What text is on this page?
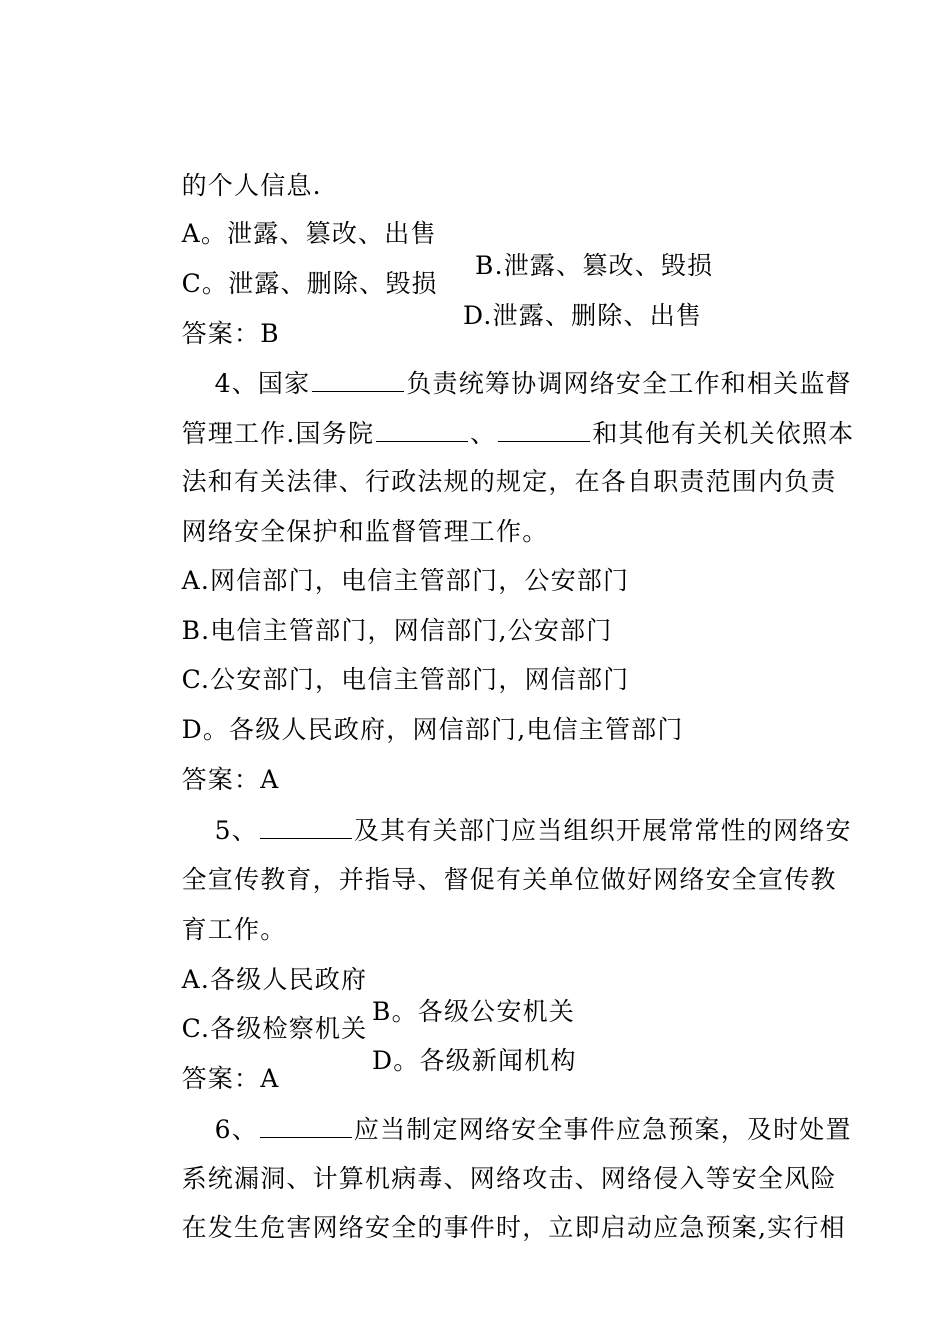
的个人信息.

A。泄露、篡改、出售

B.泄露、篡改、毁损

C。泄露、删除、毁损

D.泄露、删除、出售

答案：B

4、国家	负责统筹协调网络安全工作和相关监督

管理工作.国务院	、	和其他有关机关依照本

法和有关法律、行政法规的规定，在各自职责范围内负责

网络安全保护和监督管理工作。

A.网信部门，电信主管部门，公安部门

B.电信主管部门，网信部门,公安部门

C.公安部门，电信主管部门，网信部门

D。各级人民政府，网信部门,电信主管部门

答案：A

5、	及其有关部门应当组织开展常常性的网络安

全宣传教育，并指导、督促有关单位做好网络安全宣传教

育工作。

A.各级人民政府

B。各级公安机关

C.各级检察机关

D。各级新闻机构

答案：A

6、	应当制定网络安全事件应急预案，及时处置

系统漏洞、计算机病毒、网络攻击、网络侵入等安全风险

在发生危害网络安全的事件时，立即启动应急预案,实行相
